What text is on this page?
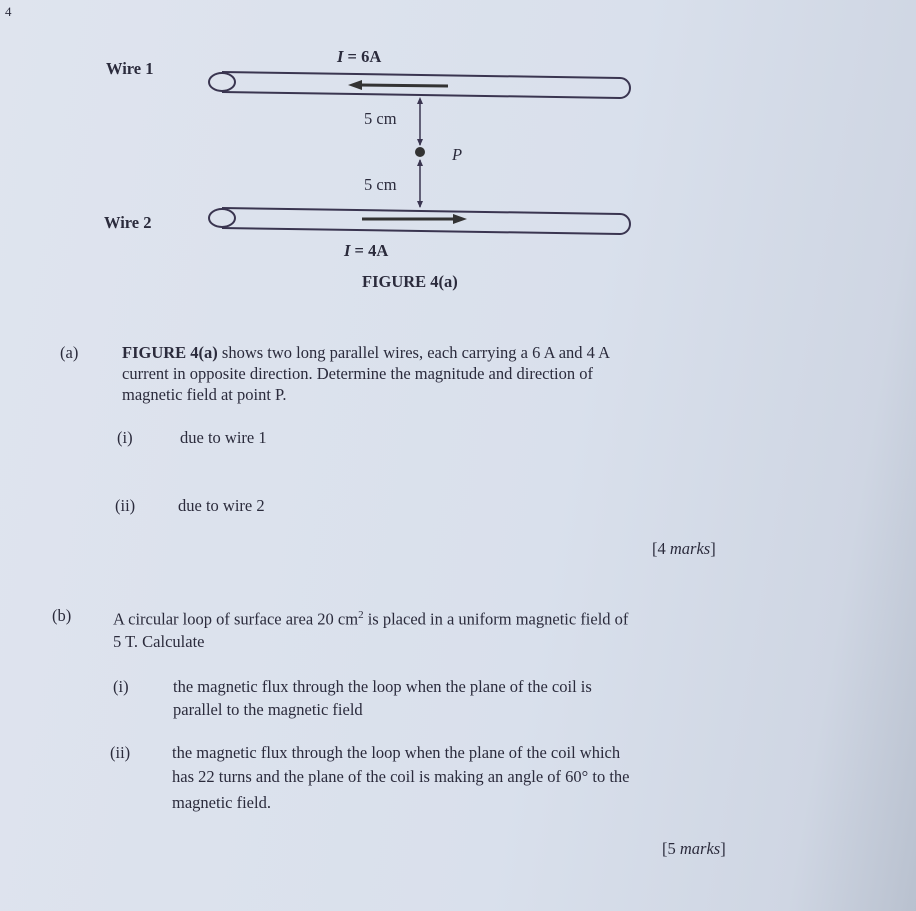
4
Wire 1
Wire 2
I = 6A
I = 4A
5 cm
5 cm
P
FIGURE 4(a)
(a)	FIGURE 4(a) shows two long parallel wires, each carrying a 6 A and 4 A
current in opposite direction. Determine the magnitude and direction of
magnetic field at point P.
(i)	due to wire 1
(ii)	due to wire 2
[4 marks]
(b)	A circular loop of surface area 20 $cm^2$ is placed in a uniform magnetic field of
5 T. Calculate
(i)	the magnetic flux through the loop when the plane of the coil is
parallel to the magnetic field
(ii)	the magnetic flux through the loop when the plane of the coil which
has 22 turns and the plane of the coil is making an angle of 60° to the
magnetic field.
[5 marks]
